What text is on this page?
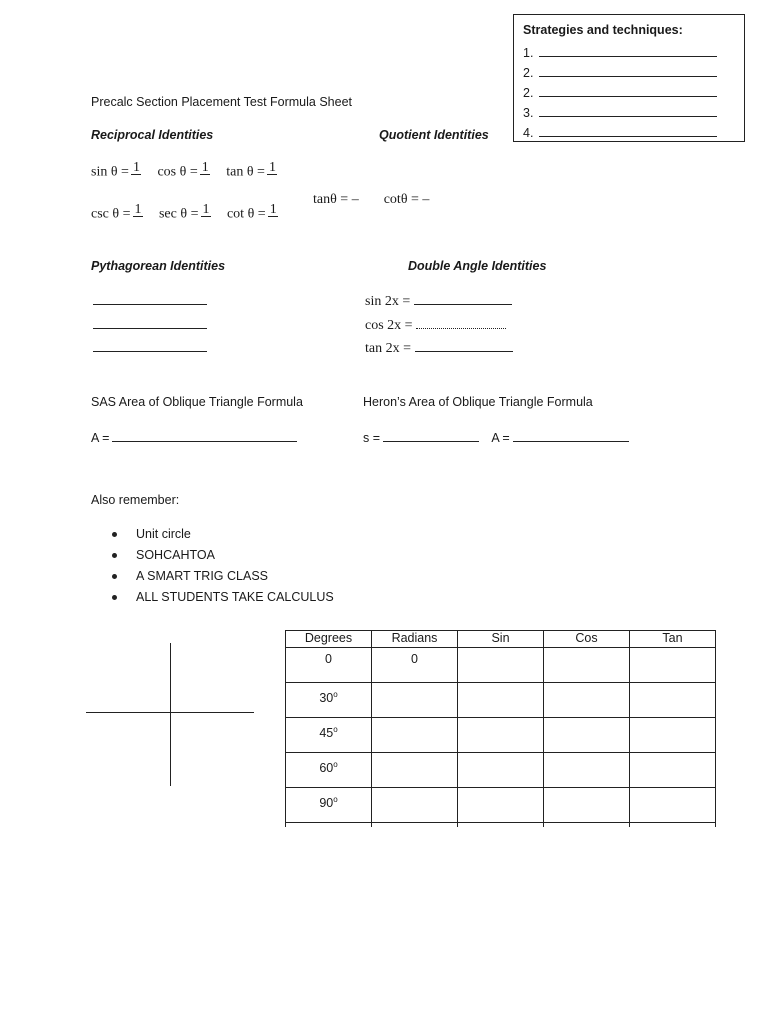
Strategies and techniques:
1.
2.
2.
3.
4.
Precalc Section Placement Test Formula Sheet
Reciprocal Identities	Quotient Identities
sin θ = 1 cos θ = 1 tan θ = 1
csc θ = 1 sec θ = 1 cot θ = 1
tanθ = – cotθ = –
Pythagorean Identities	Double Angle Identities
sin 2x =
cos 2x =
tan 2x =
SAS Area of Oblique Triangle Formula	Heron’s Area of Oblique Triangle Formula
A =	s =	A =
Also remember:
Unit circle
SOHCAHTOA
A SMART TRIG CLASS
ALL STUDENTS TAKE CALCULUS
Degrees	Radians	Sin	Cos	Tan
0	0			
30$^o$				
45$^o$				
60$^o$				
90$^o$				
